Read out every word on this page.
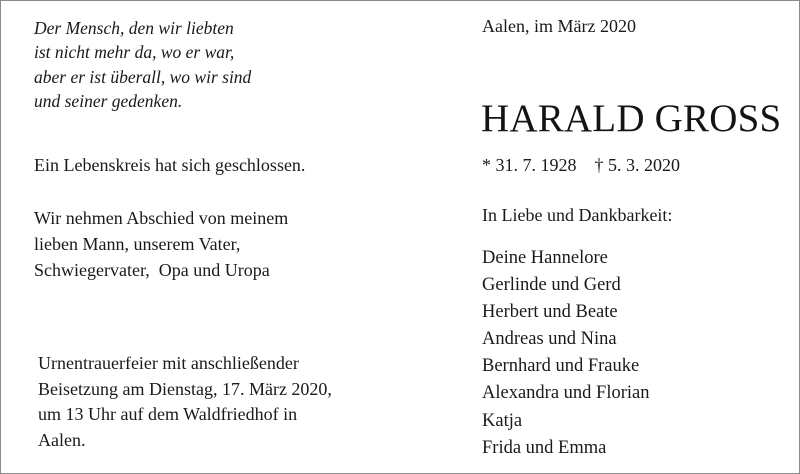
Der Mensch, den wir liebten
ist nicht mehr da, wo er war,
aber er ist überall, wo wir sind
und seiner gedenken.
Aalen, im März 2020
HARALD GROSS
* 31. 7. 1928 † 5. 3. 2020
Ein Lebenskreis hat sich geschlossen.
Wir nehmen Abschied von meinem
lieben Mann, unserem Vater,
Schwiegervater,  Opa und Uropa
In Liebe und Dankbarkeit:
Deine Hannelore
Gerlinde und Gerd
Herbert und Beate
Andreas und Nina
Bernhard und Frauke
Alexandra und Florian
Katja
Frida und Emma
Urnentrauerfeier mit anschließender
Beisetzung am Dienstag, 17. März 2020,
um 13 Uhr auf dem Waldfriedhof in
Aalen.
